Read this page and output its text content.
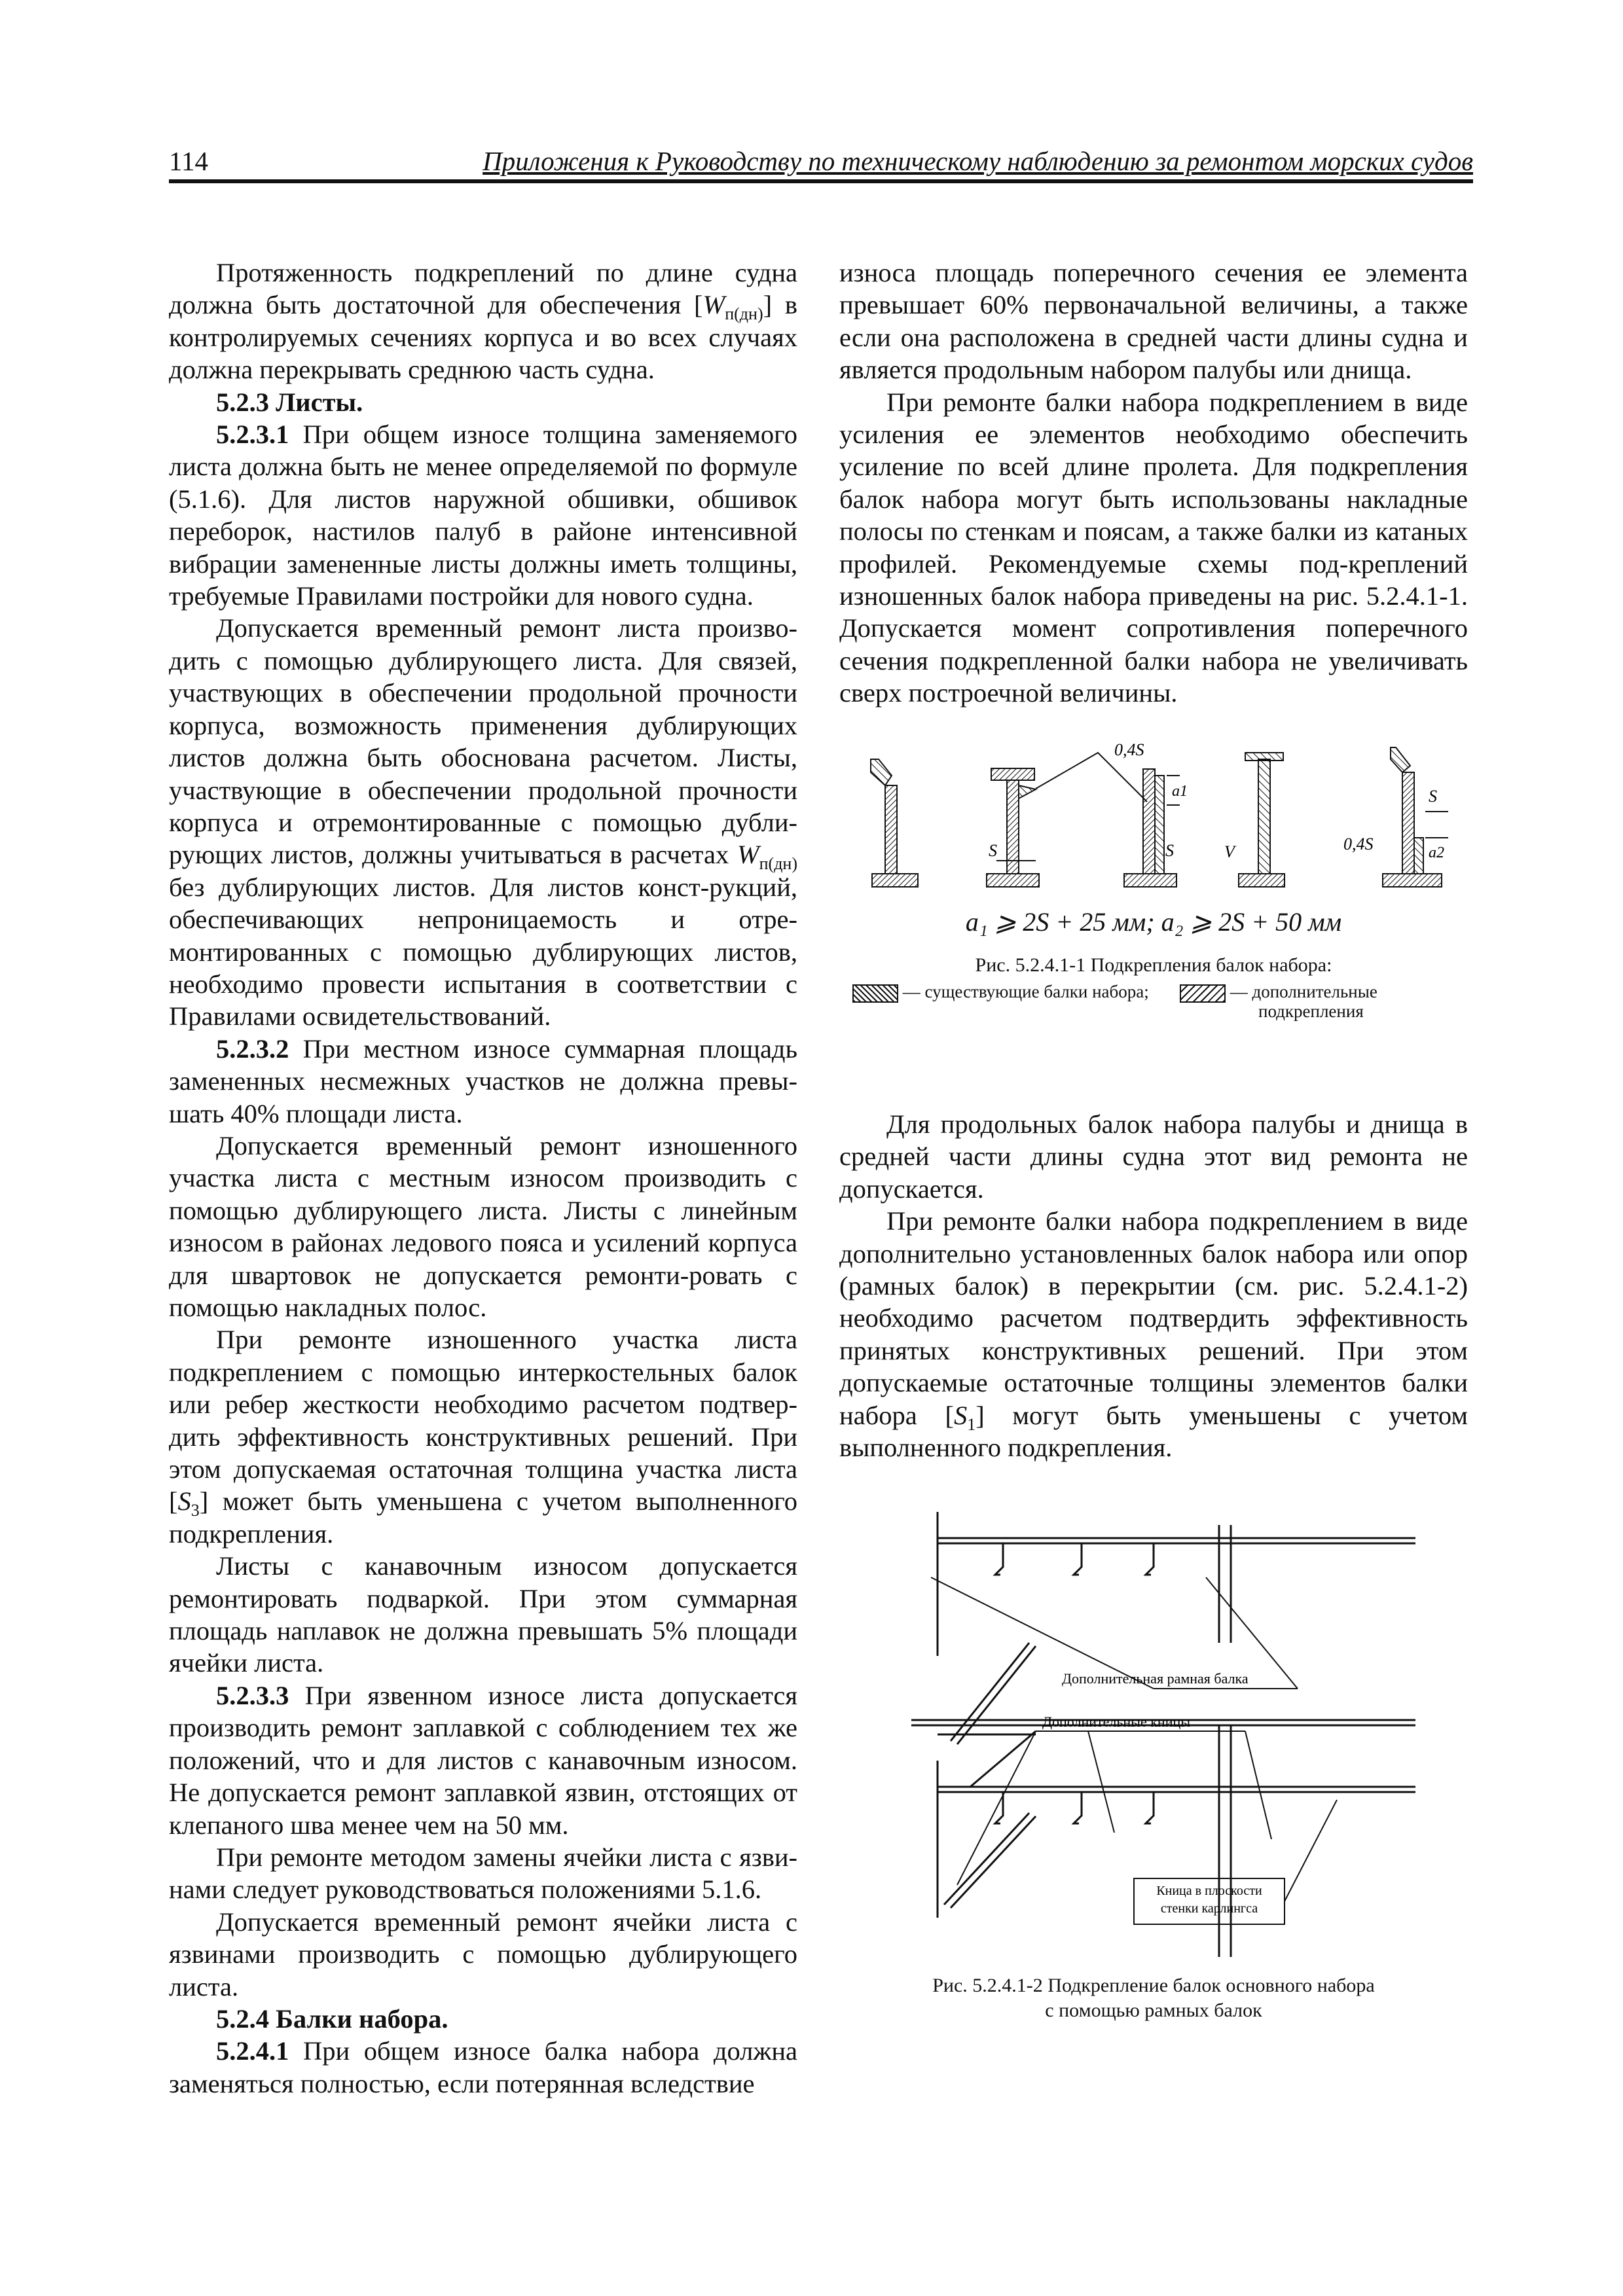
114	Приложения к Руководству по техническому наблюдению за ремонтом морских судов

Протяженность подкреплений по длине судна должна быть достаточной для обеспечения $[W_{п(дн)}]$ в контролируемых сечениях корпуса и во всех случаях должна перекрывать среднюю часть судна.

5.2.3 Листы.

5.2.3.1 При общем износе толщина заменяемого листа должна быть не менее определяемой по формуле (5.1.6). Для листов наружной обшивки, обшивок переборок, настилов палуб в районе интенсивной вибрации замененные листы должны иметь толщины, требуемые Правилами постройки для нового судна.

Допускается временный ремонт листа произво-дить с помощью дублирующего листа. Для связей, участвующих в обеспечении продольной прочности корпуса, возможность применения дублирующих листов должна быть обоснована расчетом. Листы, участвующие в обеспечении продольной прочности корпуса и отремонтированные с помощью дубли-рующих листов, должны учитываться в расчетах $W_{п(дн)}$ без дублирующих листов. Для листов конст-рукций, обеспечивающих непроницаемость и отре-монтированных с помощью дублирующих листов, необходимо провести испытания в соответствии с Правилами освидетельствований.

5.2.3.2 При местном износе суммарная площадь замененных несмежных участков не должна превы-шать 40% площади листа.

Допускается временный ремонт изношенного участка листа с местным износом производить с помощью дублирующего листа. Листы с линейным износом в районах ледового пояса и усилений корпуса для швартовок не допускается ремонти-ровать с помощью накладных полос.

При ремонте изношенного участка листа подкреплением с помощью интеркостельных балок или ребер жесткости необходимо расчетом подтвер-дить эффективность конструктивных решений. При этом допускаемая остаточная толщина участка листа $[S_3]$ может быть уменьшена с учетом выполненного подкрепления.

Листы с канавочным износом допускается ремонтировать подваркой. При этом суммарная площадь наплавок не должна превышать 5% площади ячейки листа.

5.2.3.3 При язвенном износе листа допускается производить ремонт заплавкой с соблюдением тех же положений, что и для листов с канавочным износом. Не допускается ремонт заплавкой язвин, отстоящих от клепаного шва менее чем на 50 мм.

При ремонте методом замены ячейки листа с язви-нами следует руководствоваться положениями 5.1.6.

Допускается временный ремонт ячейки листа с язвинами производить с помощью дублирующего листа.

5.2.4 Балки набора.

5.2.4.1 При общем износе балка набора должна заменяться полностью, если потерянная вследствие

износа площадь поперечного сечения ее элемента превышает 60% первоначальной величины, а также если она расположена в средней части длины судна и является продольным набором палубы или днища.

При ремонте балки набора подкреплением в виде усиления ее элементов необходимо обеспечить усиление по всей длине пролета. Для подкрепления балок набора могут быть использованы накладные полосы по стенкам и поясам, а также балки из катаных профилей. Рекомендуемые схемы под-креплений изношенных балок набора приведены на рис. 5.2.4.1-1. Допускается момент сопротивления поперечного сечения подкрепленной балки набора не увеличивать сверх построечной величины.

S
0,4S
a1
S	V
S
a2
0,4S
a₁ ⩾ 2S + 25 мм; a₂ ⩾ 2S + 50 мм
Рис. 5.2.4.1-1 Подкрепления балок набора:
— существующие балки набора;	— дополнительные
подкрепления

Для продольных балок набора палубы и днища в средней части длины судна этот вид ремонта не допускается.

При ремонте балки набора подкреплением в виде дополнительно установленных балок набора или опор (рамных балок) в перекрытии (см. рис. 5.2.4.1-2) необходимо расчетом подтвердить эффективность принятых конструктивных решений. При этом допускаемые остаточные толщины элементов балки набора $[S_1]$ могут быть уменьшены с учетом выполненного подкрепления.

Дополнительная рамная балка
Дополнительные кницы
Кница в плоскости
стенки карлингса
Рис. 5.2.4.1-2 Подкрепление балок основного набора
с помощью рамных балок
